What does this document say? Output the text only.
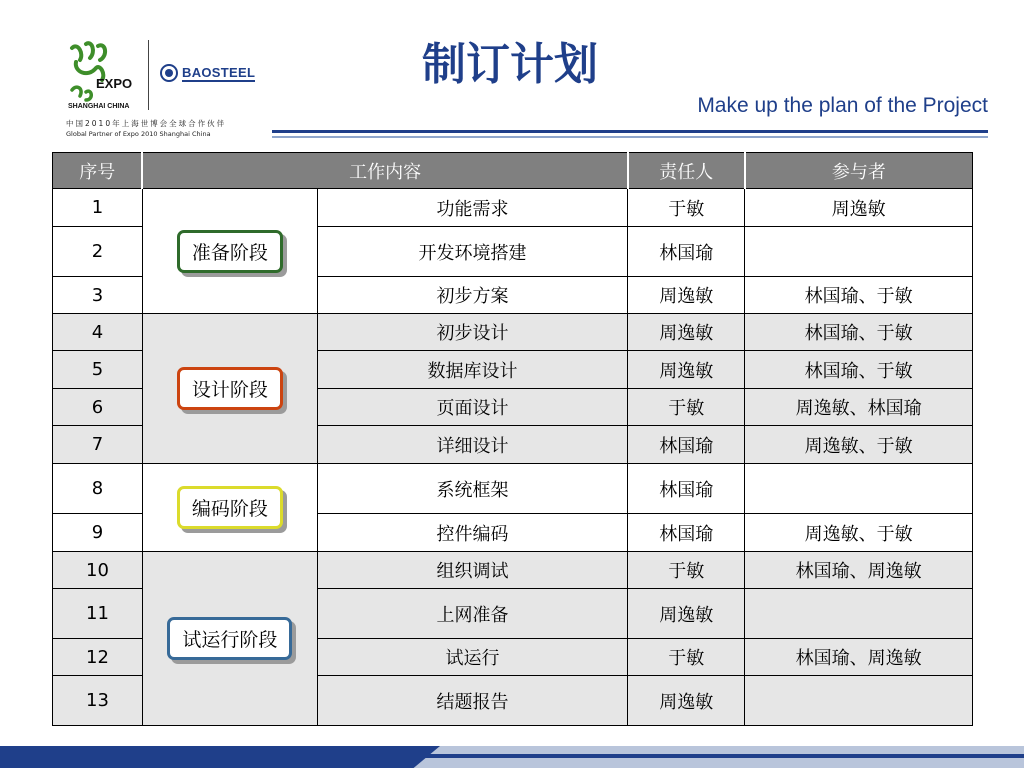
EXPO
SHANGHAI CHINA
BAOSTEEL
中国2010年上海世博会全球合作伙伴
Global Partner of Expo 2010 Shanghai China
制订计划
Make up the plan of the Project
序号	工作内容		责任人	参与者
1	准备阶段	功能需求	于敏	周逸敏
2		开发环境搭建	林国瑜	
3		初步方案	周逸敏	林国瑜、于敏
4	设计阶段	初步设计	周逸敏	林国瑜、于敏
5		数据库设计	周逸敏	林国瑜、于敏
6		页面设计	于敏	周逸敏、林国瑜
7		详细设计	林国瑜	周逸敏、于敏
8	编码阶段	系统框架	林国瑜	
9		控件编码	林国瑜	周逸敏、于敏
10	试运行阶段	组织调试	于敏	林国瑜、周逸敏
11		上网准备	周逸敏	
12		试运行	于敏	林国瑜、周逸敏
13		结题报告	周逸敏	
